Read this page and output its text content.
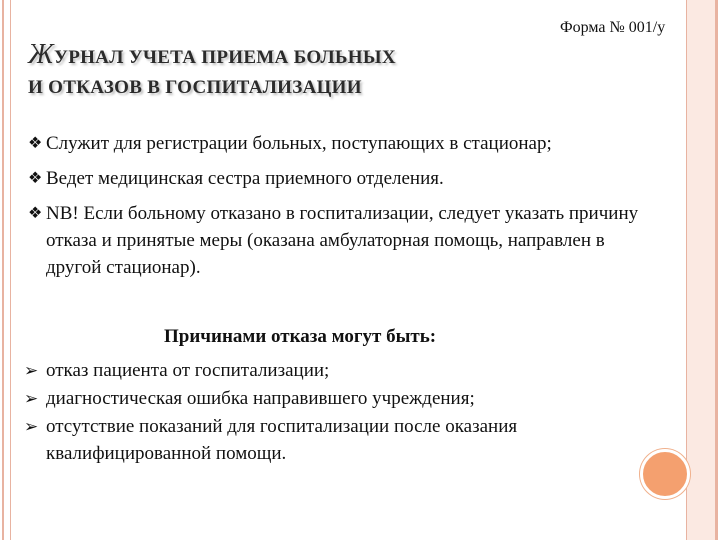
Форма № 001/у
ЖУРНАЛ УЧЕТА ПРИЕМА БОЛЬНЫХ
И ОТКАЗОВ В ГОСПИТАЛИЗАЦИИ
❖ Служит для регистрации больных, поступающих в стационар;
❖ Ведет медицинская сестра приемного отделения.
❖ NB! Если больному отказано в госпитализации, следует указать причину отказа и принятые меры (оказана амбулаторная помощь, направлен в другой стационар).
Причинами отказа могут быть:
➢ отказ пациента от госпитализации;
➢ диагностическая ошибка направившего учреждения;
➢ отсутствие показаний для госпитализации после оказания квалифицированной помощи.
